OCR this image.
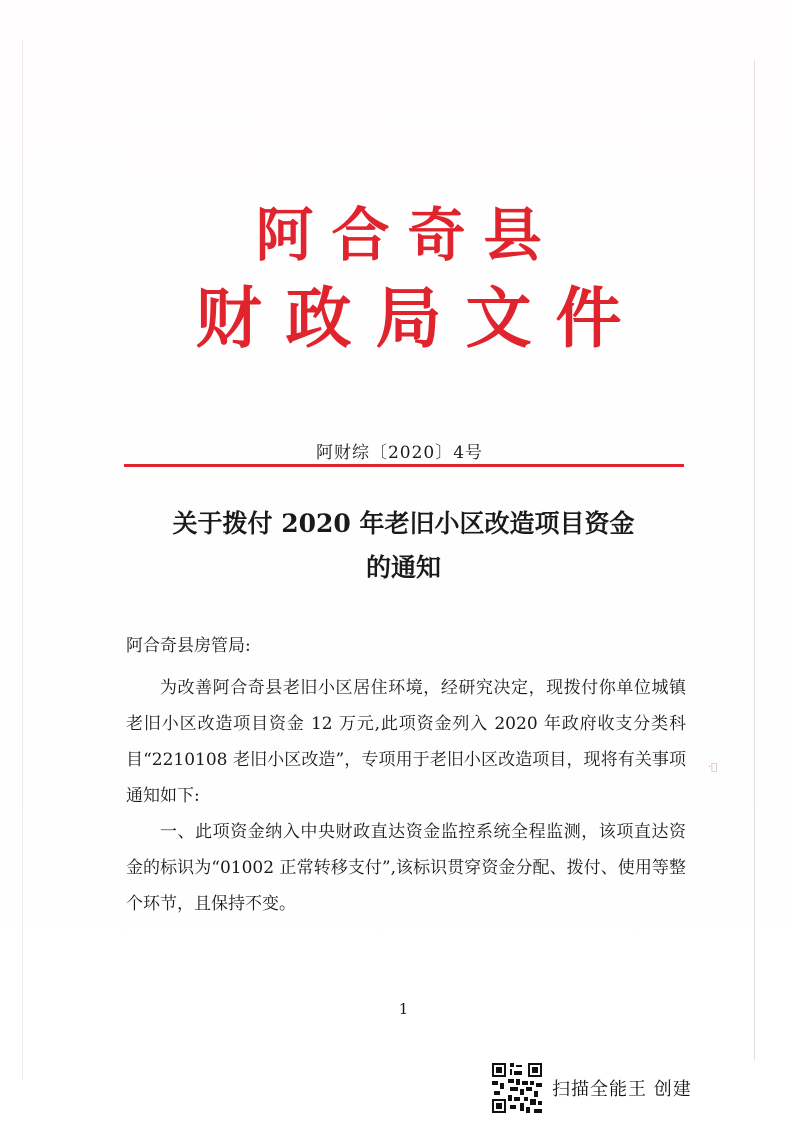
阿合奇县
财政局文件
阿财综〔2020〕4号
关于拨付 2020 年老旧小区改造项目资金
的通知

阿合奇县房管局:

为改善阿合奇县老旧小区居住环境，经研究决定，现拨付你单位城镇老旧小区改造项目资金 12 万元,此项资金列入 2020 年政府收支分类科目“2210108 老旧小区改造”，专项用于老旧小区改造项目，现将有关事项通知如下:

一、此项资金纳入中央财政直达资金监控系统全程监测，该项直达资金的标识为“01002 正常转移支付”,该标识贯穿资金分配、拨付、使用等整个环节，且保持不变。

·ﾞ
1
扫描全能王 创建
